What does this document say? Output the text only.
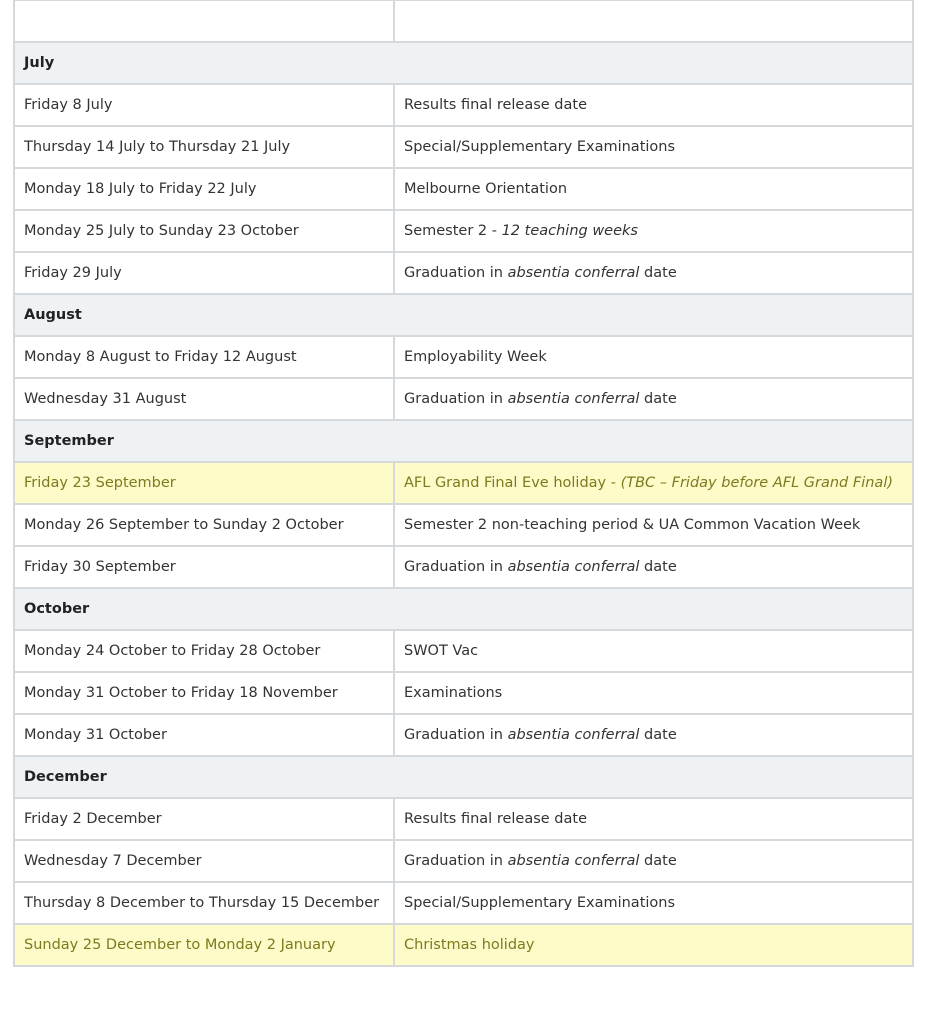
July	
Friday 8 July	Results final release date
Thursday 14 July to Thursday 21 July	Special/Supplementary Examinations
Monday 18 July to Friday 22 July	Melbourne Orientation
Monday 25 July to Sunday 23 October	Semester 2 - 12 teaching weeks
Friday 29 July	Graduation in absentia conferral date
August	
Monday 8 August to Friday 12 August	Employability Week
Wednesday 31 August	Graduation in absentia conferral date
September	
Friday 23 September	AFL Grand Final Eve holiday - (TBC – Friday before AFL Grand Final)
Monday 26 September to Sunday 2 October	Semester 2 non-teaching period & UA Common Vacation Week
Friday 30 September	Graduation in absentia conferral date
October	
Monday 24 October to Friday 28 October	SWOT Vac
Monday 31 October to Friday 18 November	Examinations
Monday 31 October	Graduation in absentia conferral date
December	
Friday 2 December	Results final release date
Wednesday 7 December	Graduation in absentia conferral date
Thursday 8 December to Thursday 15 December	Special/Supplementary Examinations
Sunday 25 December to Monday 2 January	Christmas holiday
